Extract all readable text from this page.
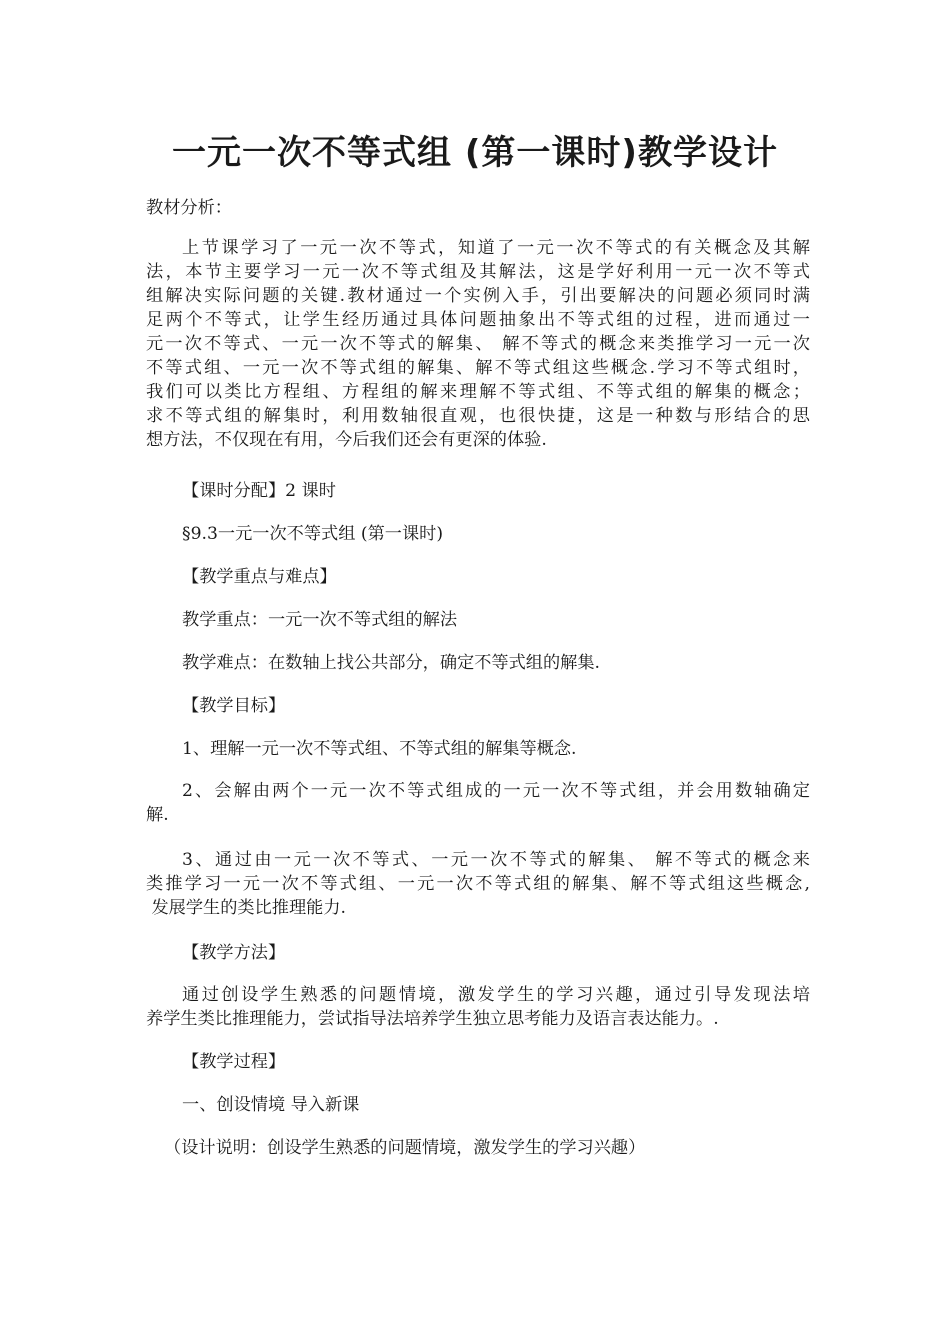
一元一次不等式组 (第一课时)教学设计
教材分析：
上节课学习了一元一次不等式，知道了一元一次不等式的有关概念及其解
法，本节主要学习一元一次不等式组及其解法，这是学好利用一元一次不等式
组解决实际问题的关键.教材通过一个实例入手，引出要解决的问题必须同时满
足两个不等式，让学生经历通过具体问题抽象出不等式组的过程，进而通过一
元一次不等式、一元一次不等式的解集、 解不等式的概念来类推学习一元一次
不等式组、一元一次不等式组的解集、解不等式组这些概念.学习不等式组时，
我们可以类比方程组、方程组的解来理解不等式组、不等式组的解集的概念；
求不等式组的解集时，利用数轴很直观，也很快捷，这是一种数与形结合的思
想方法，不仅现在有用，今后我们还会有更深的体验.
【课时分配】2 课时
§9.3一元一次不等式组 (第一课时)
【教学重点与难点】
教学重点：一元一次不等式组的解法
教学难点：在数轴上找公共部分，确定不等式组的解集.
【教学目标】
1、理解一元一次不等式组、不等式组的解集等概念.
2、会解由两个一元一次不等式组成的一元一次不等式组，并会用数轴确定
解.
3、通过由一元一次不等式、一元一次不等式的解集、 解不等式的概念来
类推学习一元一次不等式组、一元一次不等式组的解集、解不等式组这些概念,
发展学生的类比推理能力.
【教学方法】
通过创设学生熟悉的问题情境，激发学生的学习兴趣，通过引导发现法培
养学生类比推理能力，尝试指导法培养学生独立思考能力及语言表达能力。.
【教学过程】
一、创设情境 导入新课
（设计说明：创设学生熟悉的问题情境，激发学生的学习兴趣）
